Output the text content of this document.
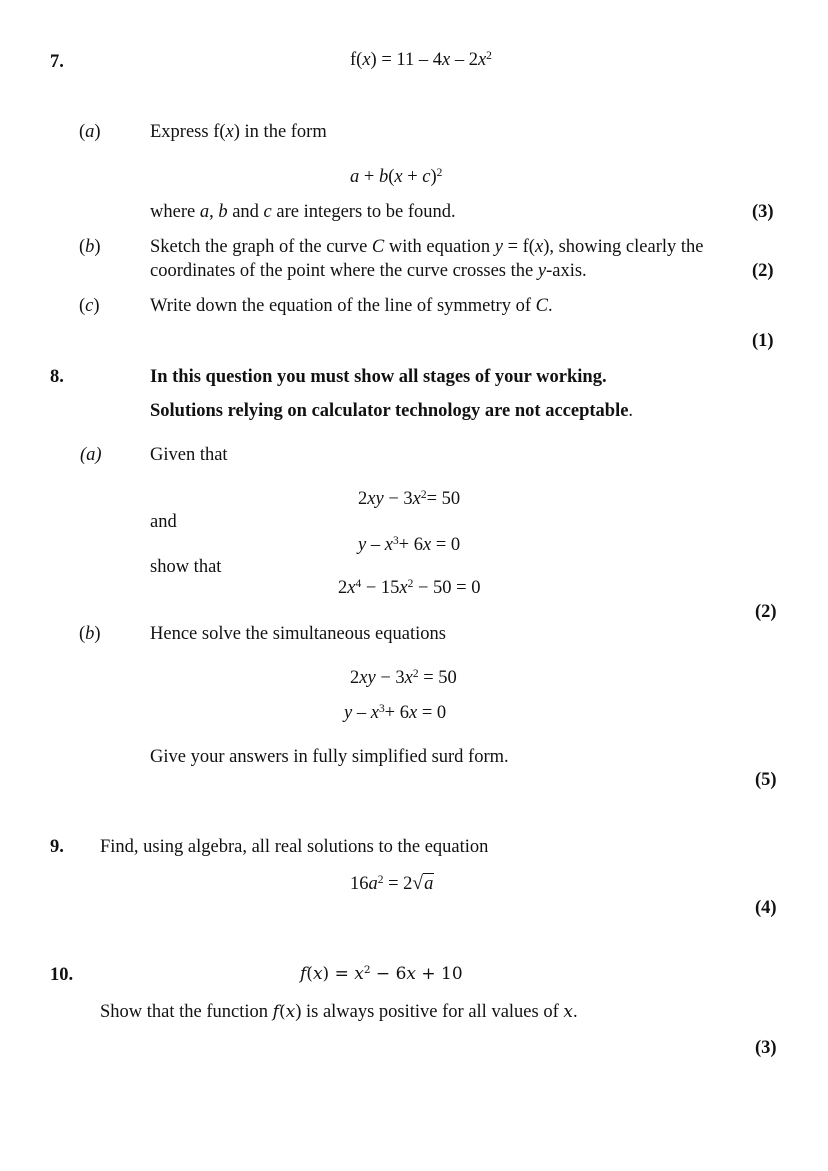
7.	$f(x) = 11 - 4x - 2x^2$
(a)	Express f(x) in the form
$a + b(x + c)^2$
where a, b and c are integers to be found.	(3)
(b)	Sketch the graph of the curve C with equation y = f(x), showing clearly the
coordinates of the point where the curve crosses the y-axis.	(2)
(c)	Write down the equation of the line of symmetry of C.
(1)
8.	In this question you must show all stages of your working.
Solutions relying on calculator technology are not acceptable.
(a)	Given that
$2xy - 3x^2= 50$
and
$y - x^3+ 6x = 0$
show that
$2x^4 - 15x^2 - 50 = 0$
(2)
(b)	Hence solve the simultaneous equations
$2xy - 3x^2 = 50$
$y - x^3+ 6x = 0$
Give your answers in fully simplified surd form.
(5)
9. Find, using algebra, all real solutions to the equation
$16a^2 = 2√a$
(4)
10.	$f(x) = x^2 - 6x + 10$
Show that the function f(x) is always positive for all values of x.
(3)
